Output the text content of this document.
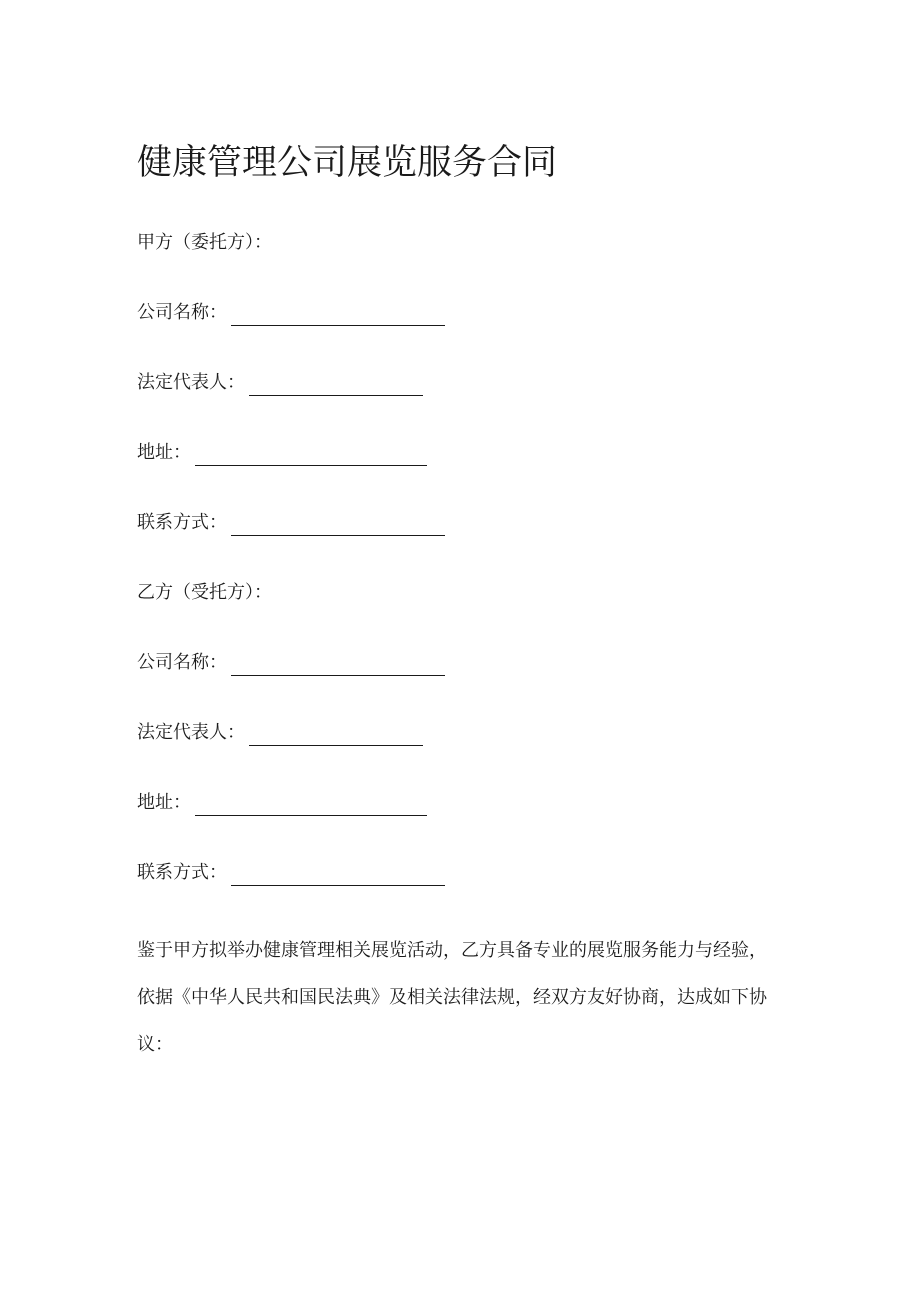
健康管理公司展览服务合同
甲方（委托方）：
公司名称：
法定代表人：
地址：
联系方式：
乙方（受托方）：
公司名称：
法定代表人：
地址：
联系方式：

鉴于甲方拟举办健康管理相关展览活动，乙方具备专业的展览服务能力与经验，
依据《中华人民共和国民法典》及相关法律法规，经双方友好协商，达成如下协
议：
